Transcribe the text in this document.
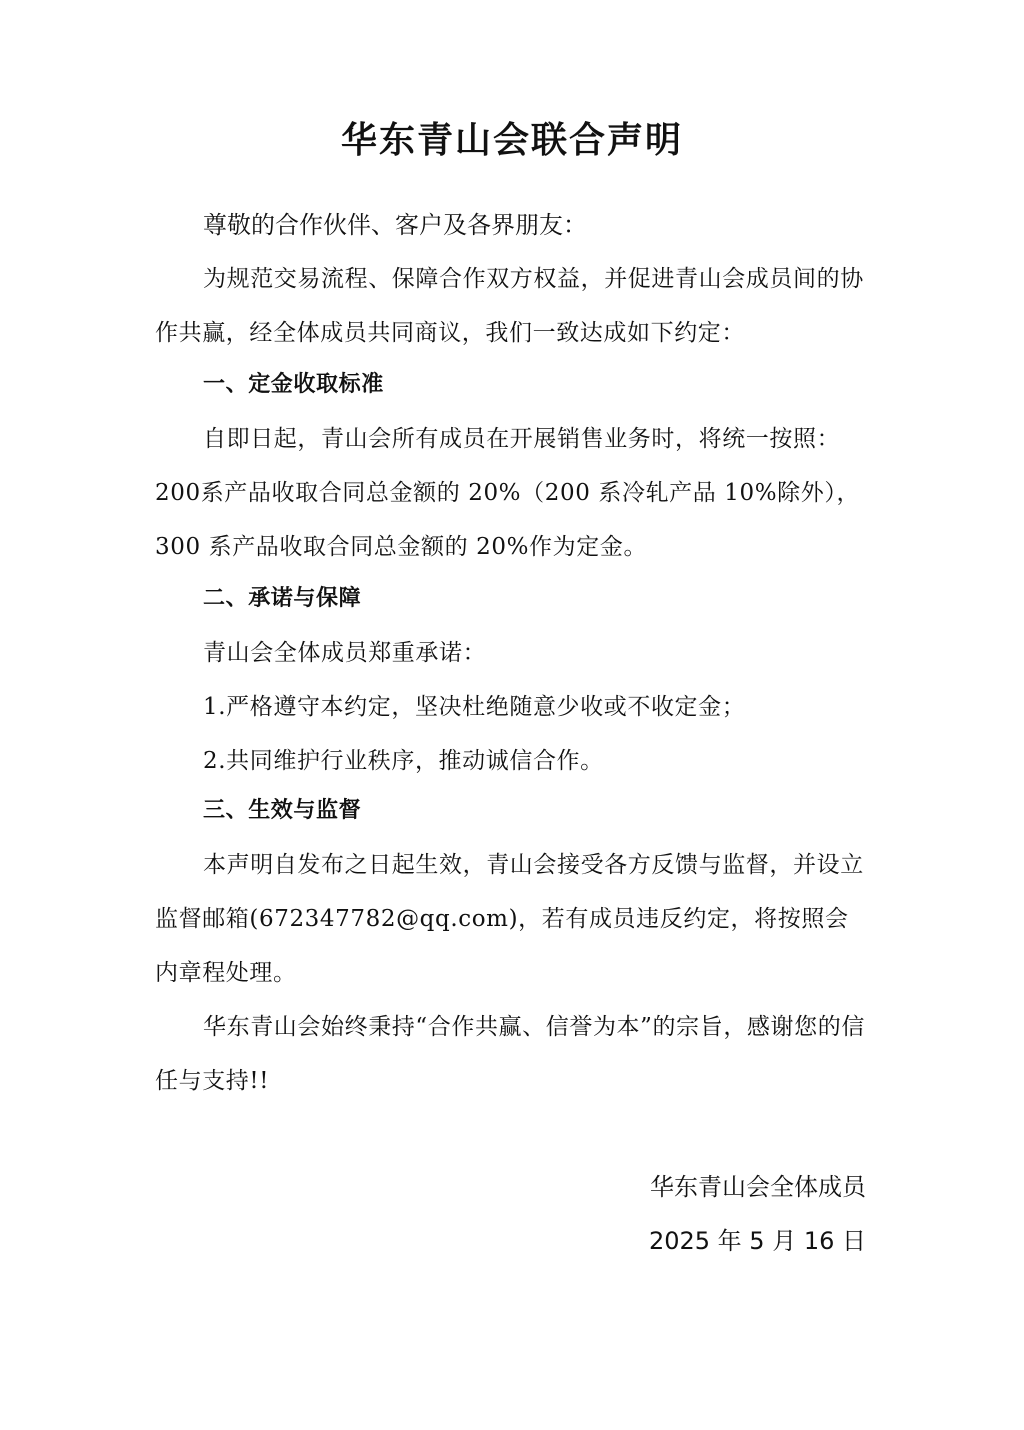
华东青山会联合声明
尊敬的合作伙伴、客户及各界朋友：

为规范交易流程、保障合作双方权益，并促进青山会成员间的协作共赢，经全体成员共同商议，我们一致达成如下约定：

一、定金收取标准

自即日起，青山会所有成员在开展销售业务时，将统一按照：200系产品收取合同总金额的 20%（200 系冷轧产品 10%除外），300 系产品收取合同总金额的 20%作为定金。

二、承诺与保障

青山会全体成员郑重承诺：

1.严格遵守本约定，坚决杜绝随意少收或不收定金；

2.共同维护行业秩序，推动诚信合作。

三、生效与监督

本声明自发布之日起生效，青山会接受各方反馈与监督，并设立监督邮箱(672347782@qq.com)，若有成员违反约定，将按照会内章程处理。

华东青山会始终秉持“合作共赢、信誉为本”的宗旨，感谢您的信任与支持!!

华东青山会全体成员
2025 年 5 月 16 日
